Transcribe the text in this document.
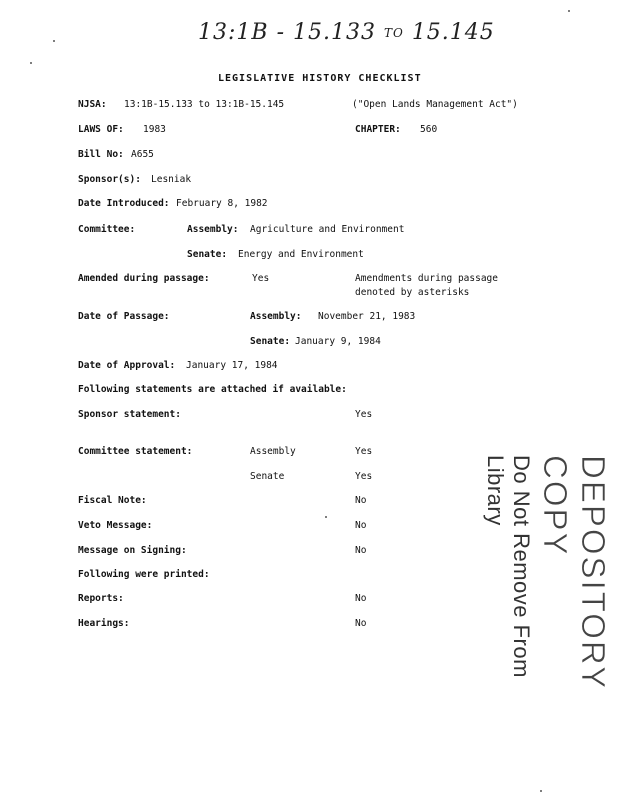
13:1B - 15.133 TO 15.145
LEGISLATIVE HISTORY CHECKLIST
NJSA: 13:1B-15.133 to 13:1B-15.145	("Open Lands Management Act")
LAWS OF: 1983	CHAPTER: 560
Bill No: A655
Sponsor(s): Lesniak
Date Introduced: February 8, 1982
Committee:	Assembly: Agriculture and Environment
Senate: Energy and Environment
Amended during passage:	Yes	Amendments during passage
denoted by asterisks
Date of Passage:	Assembly: November 21, 1983
Senate: January 9, 1984
Date of Approval: January 17, 1984
Following statements are attached if available:
Sponsor statement:	Yes
Committee statement:	Assembly	Yes
Senate	Yes
Fiscal Note:	No
Veto Message:	No
Message on Signing:	No
Following were printed:
Reports:	No
Hearings:	No	DEPOSITORY COPY
Do Not Remove From Library
